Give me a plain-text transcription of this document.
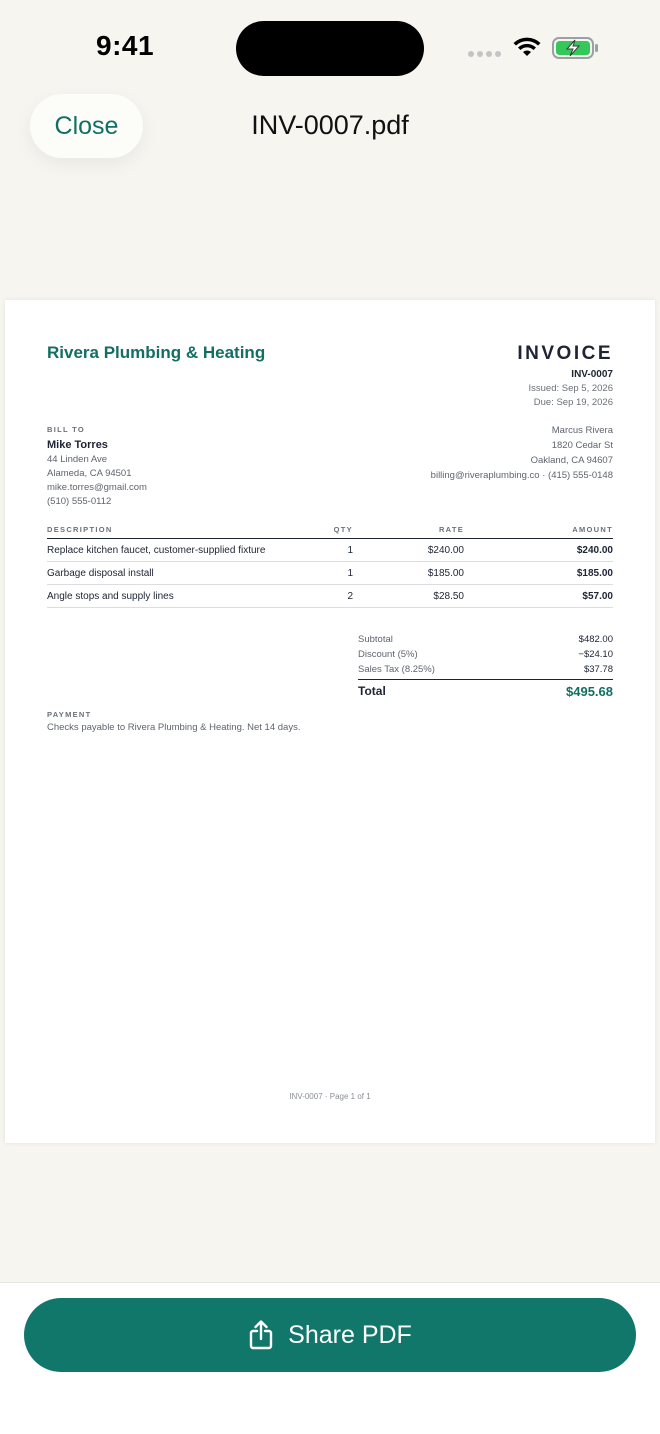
9:41
Close	INV-0007.pdf
Rivera Plumbing & Heating	INVOICE
INV-0007
Issued: Sep 5, 2026
Due: Sep 19, 2026
BILL TO
Mike Torres
44 Linden Ave
Alameda, CA 94501
mike.torres@gmail.com
(510) 555-0112
Marcus Rivera
1820 Cedar St
Oakland, CA 94607
billing@riveraplumbing.co · (415) 555-0148
DESCRIPTION	QTY	RATE	AMOUNT
Replace kitchen faucet, customer-supplied fixture	1	$240.00	$240.00
Garbage disposal install	1	$185.00	$185.00
Angle stops and supply lines	2	$28.50	$57.00
Subtotal	$482.00
Discount (5%)	−$24.10
Sales Tax (8.25%)	$37.78
Total	$495.68
PAYMENT
Checks payable to Rivera Plumbing & Heating. Net 14 days.
INV-0007 · Page 1 of 1
Share PDF
